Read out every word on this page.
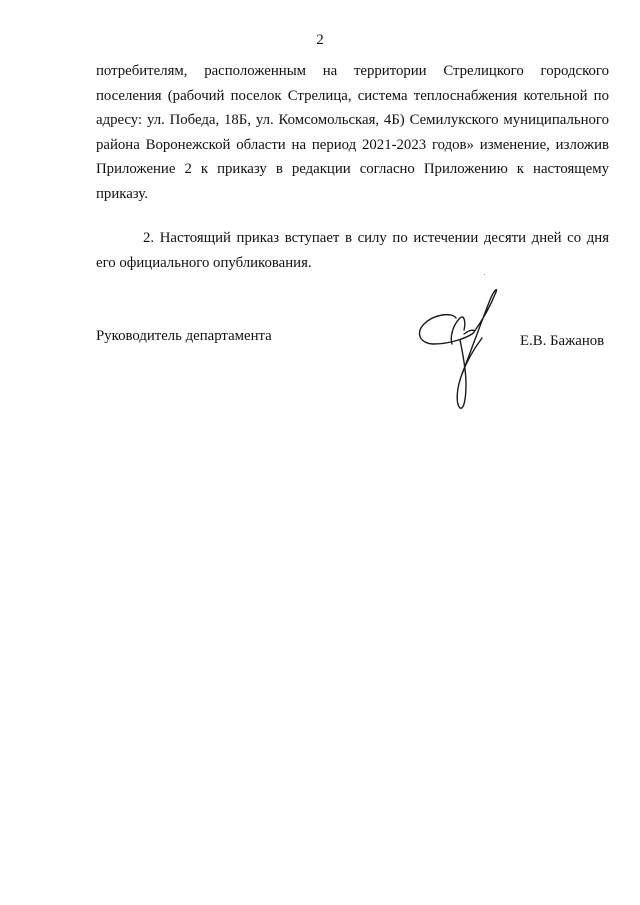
2
потребителям, расположенным на территории Стрелицкого городского
поселения (рабочий поселок Стрелица, система теплоснабжения котельной по
адресу: ул. Победа, 18Б, ул. Комсомольская, 4Б) Семилукского муниципального
района Воронежской области на период 2021-2023 годов» изменение, изложив
Приложение 2 к приказу в редакции согласно Приложению к настоящему
приказу.
2. Настоящий приказ вступает в силу по истечении десяти дней со дня
его официального опубликования.
Руководитель департамента	Е.В. Бажанов
